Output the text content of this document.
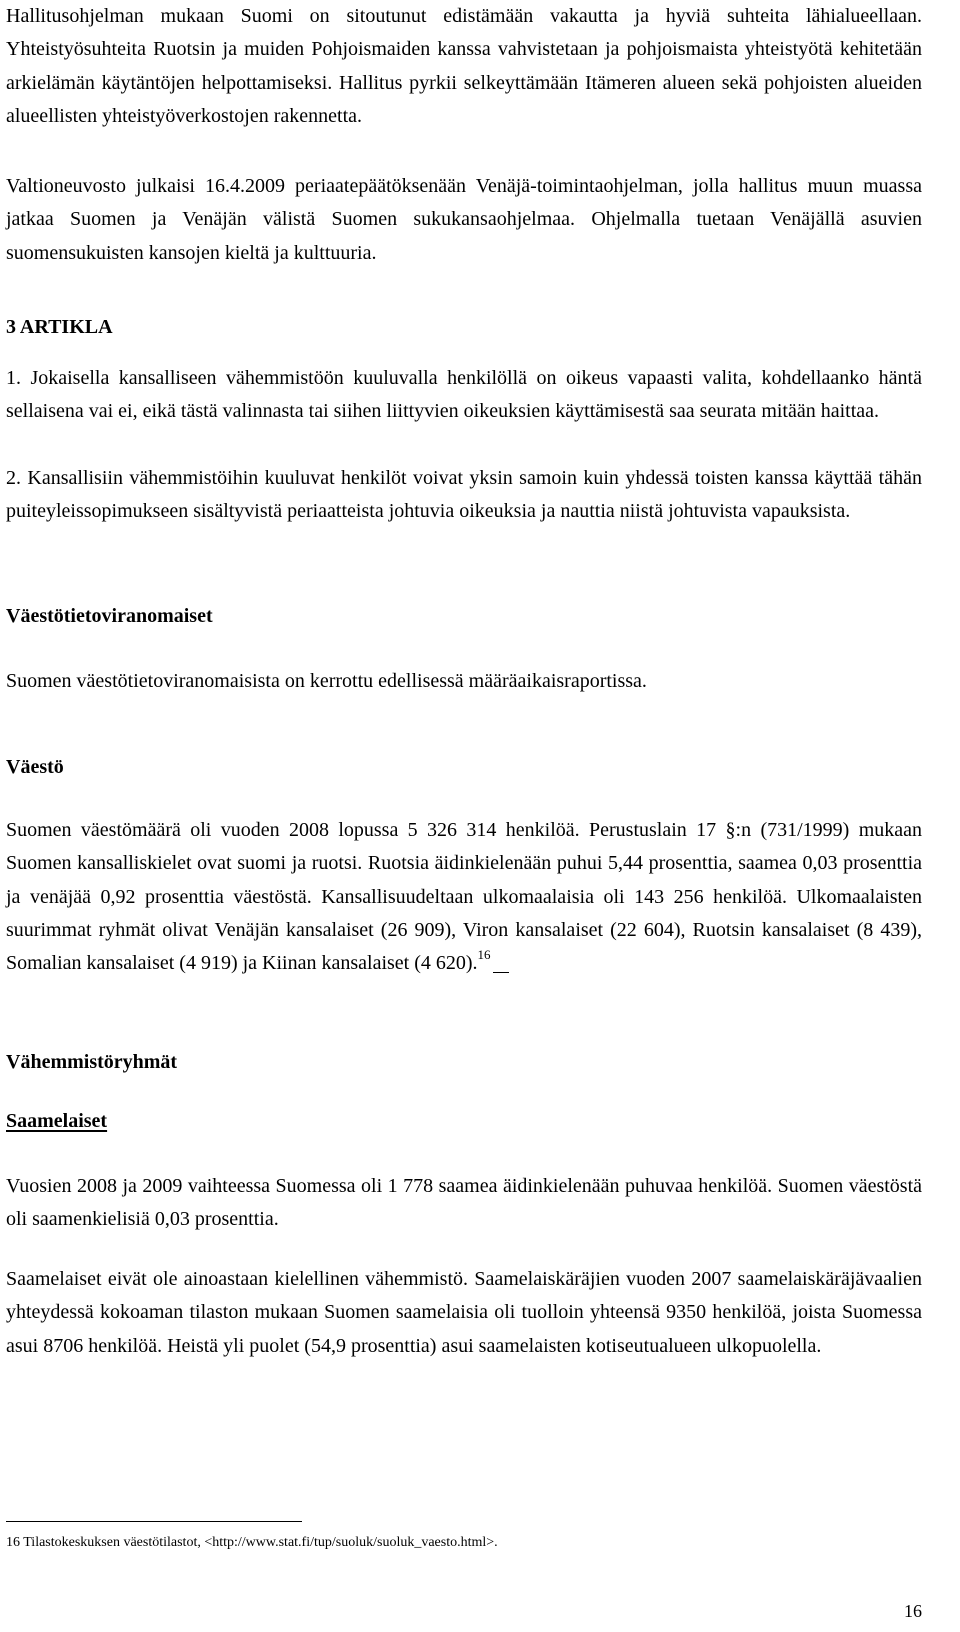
Hallitusohjelman mukaan Suomi on sitoutunut edistämään vakautta ja hyviä suhteita lähialueellaan. Yhteistyösuhteita Ruotsin ja muiden Pohjoismaiden kanssa vahvistetaan ja pohjoismaista yhteistyötä kehitetään arkielämän käytäntöjen helpottamiseksi. Hallitus pyrkii selkeyttämään Itämeren alueen sekä pohjoisten alueiden alueellisten yhteistyöverkostojen rakennetta.

Valtioneuvosto julkaisi 16.4.2009 periaatepäätöksenään Venäjä-toimintaohjelman, jolla hallitus muun muassa jatkaa Suomen ja Venäjän välistä Suomen sukukansaohjelmaa. Ohjelmalla tuetaan Venäjällä asuvien suomensukuisten kansojen kieltä ja kulttuuria.

3 ARTIKLA

1. Jokaisella kansalliseen vähemmistöön kuuluvalla henkilöllä on oikeus vapaasti valita, kohdellaanko häntä sellaisena vai ei, eikä tästä valinnasta tai siihen liittyvien oikeuksien käyttämisestä saa seurata mitään haittaa.

2. Kansallisiin vähemmistöihin kuuluvat henkilöt voivat yksin samoin kuin yhdessä toisten kanssa käyttää tähän puiteyleissopimukseen sisältyvistä periaatteista johtuvia oikeuksia ja nauttia niistä johtuvista vapauksista.

Väestötietoviranomaiset

Suomen väestötietoviranomaisista on kerrottu edellisessä määräaikaisraportissa.

Väestö

Suomen väestömäärä oli vuoden 2008 lopussa 5 326 314 henkilöä. Perustuslain 17 §:n (731/1999) mukaan Suomen kansalliskielet ovat suomi ja ruotsi. Ruotsia äidinkielenään puhui 5,44 prosenttia, saamea 0,03 prosenttia ja venäjää 0,92 prosenttia väestöstä. Kansallisuudeltaan ulkomaalaisia oli 143 256 henkilöä. Ulkomaalaisten suurimmat ryhmät olivat Venäjän kansalaiset (26 909), Viron kansalaiset (22 604), Ruotsin kansalaiset (8 439), Somalian kansalaiset (4 919) ja Kiinan kansalaiset (4 620).$^{16}$

Vähemmistöryhmät

Saamelaiset

Vuosien 2008 ja 2009 vaihteessa Suomessa oli 1 778 saamea äidinkielenään puhuvaa henkilöä. Suomen väestöstä oli saamenkielisiä 0,03 prosenttia.

Saamelaiset eivät ole ainoastaan kielellinen vähemmistö. Saamelaiskäräjien vuoden 2007 saamelaiskäräjävaalien yhteydessä kokoaman tilaston mukaan Suomen saamelaisia oli tuolloin yhteensä 9350 henkilöä, joista Suomessa asui 8706 henkilöä. Heistä yli puolet (54,9 prosenttia) asui saamelaisten kotiseutualueen ulkopuolella.

16 Tilastokeskuksen väestötilastot, <http://www.stat.fi/tup/suoluk/suoluk_vaesto.html>.
16
